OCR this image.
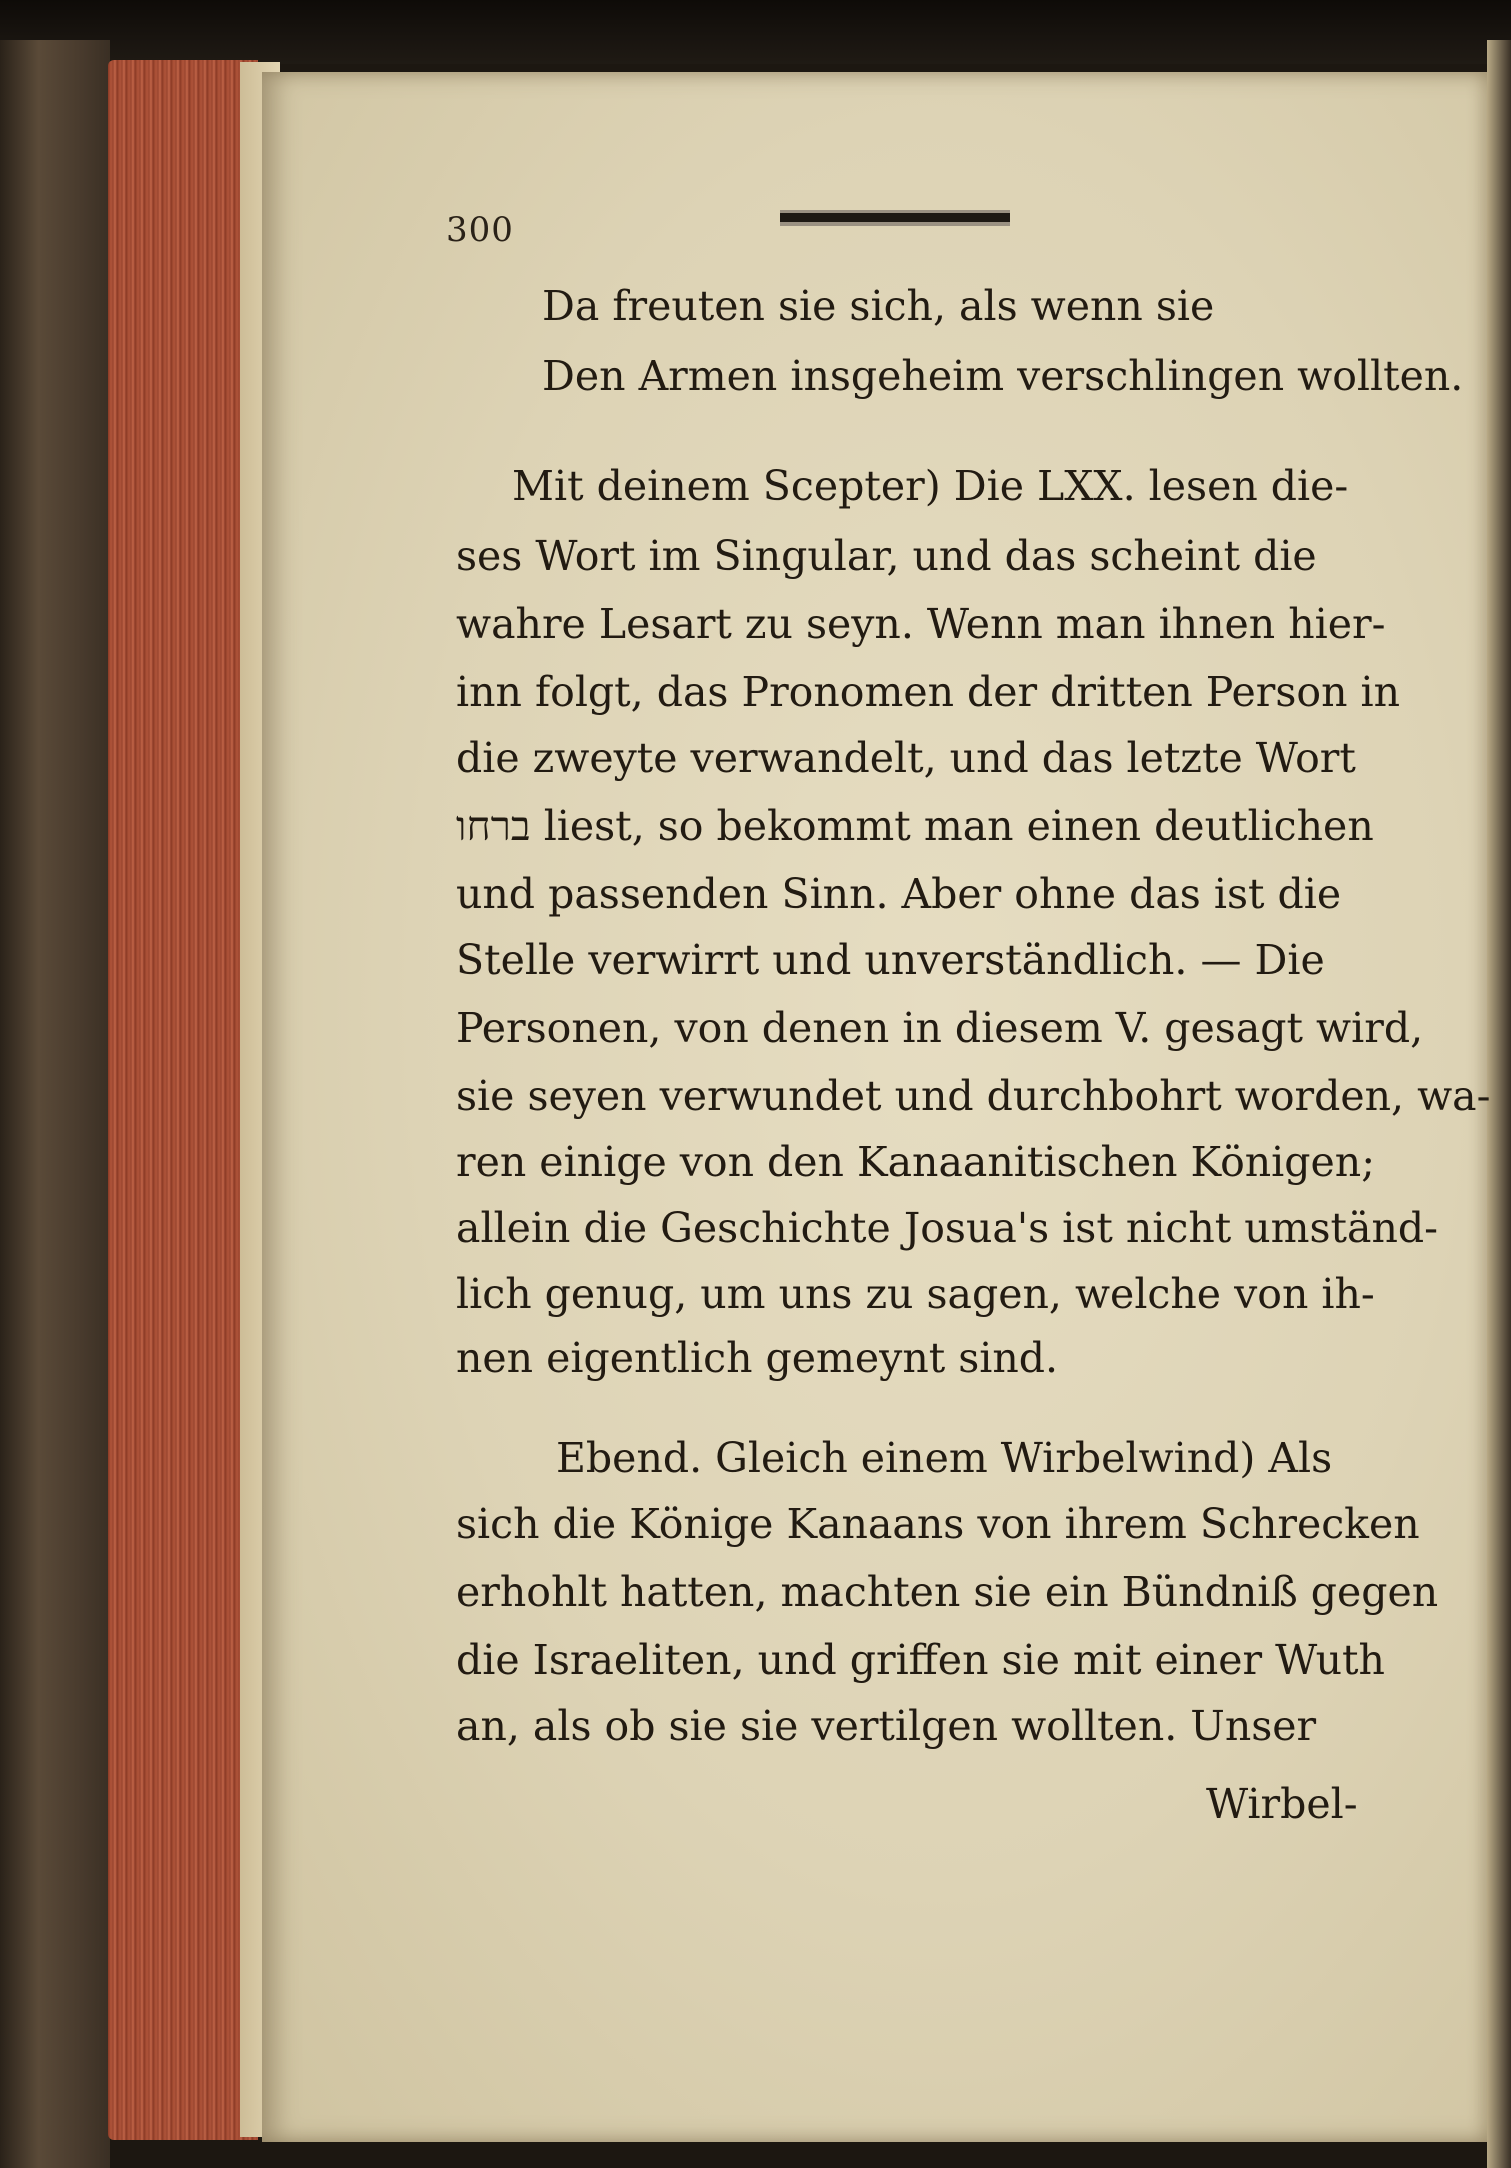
300
Da freuten sie sich, als wenn sie
Den Armen insgeheim verschlingen wollten.
Mit deinem Scepter) Die LXX. lesen die-
ses Wort im Singular, und das scheint die
wahre Lesart zu seyn. Wenn man ihnen hier-
inn folgt, das Pronomen der dritten Person in
die zweyte verwandelt, und das letzte Wort
ברחו liest, so bekommt man einen deutlichen
und passenden Sinn. Aber ohne das ist die
Stelle verwirrt und unverständlich. — Die
Personen, von denen in diesem V. gesagt wird,
sie seyen verwundet und durchbohrt worden, wa-
ren einige von den Kanaanitischen Königen;
allein die Geschichte Josua's ist nicht umständ-
lich genug, um uns zu sagen, welche von ih-
nen eigentlich gemeynt sind.
Ebend. Gleich einem Wirbelwind) Als
sich die Könige Kanaans von ihrem Schrecken
erhohlt hatten, machten sie ein Bündniß gegen
die Israeliten, und griffen sie mit einer Wuth
an, als ob sie sie vertilgen wollten. Unser
Wirbel-
